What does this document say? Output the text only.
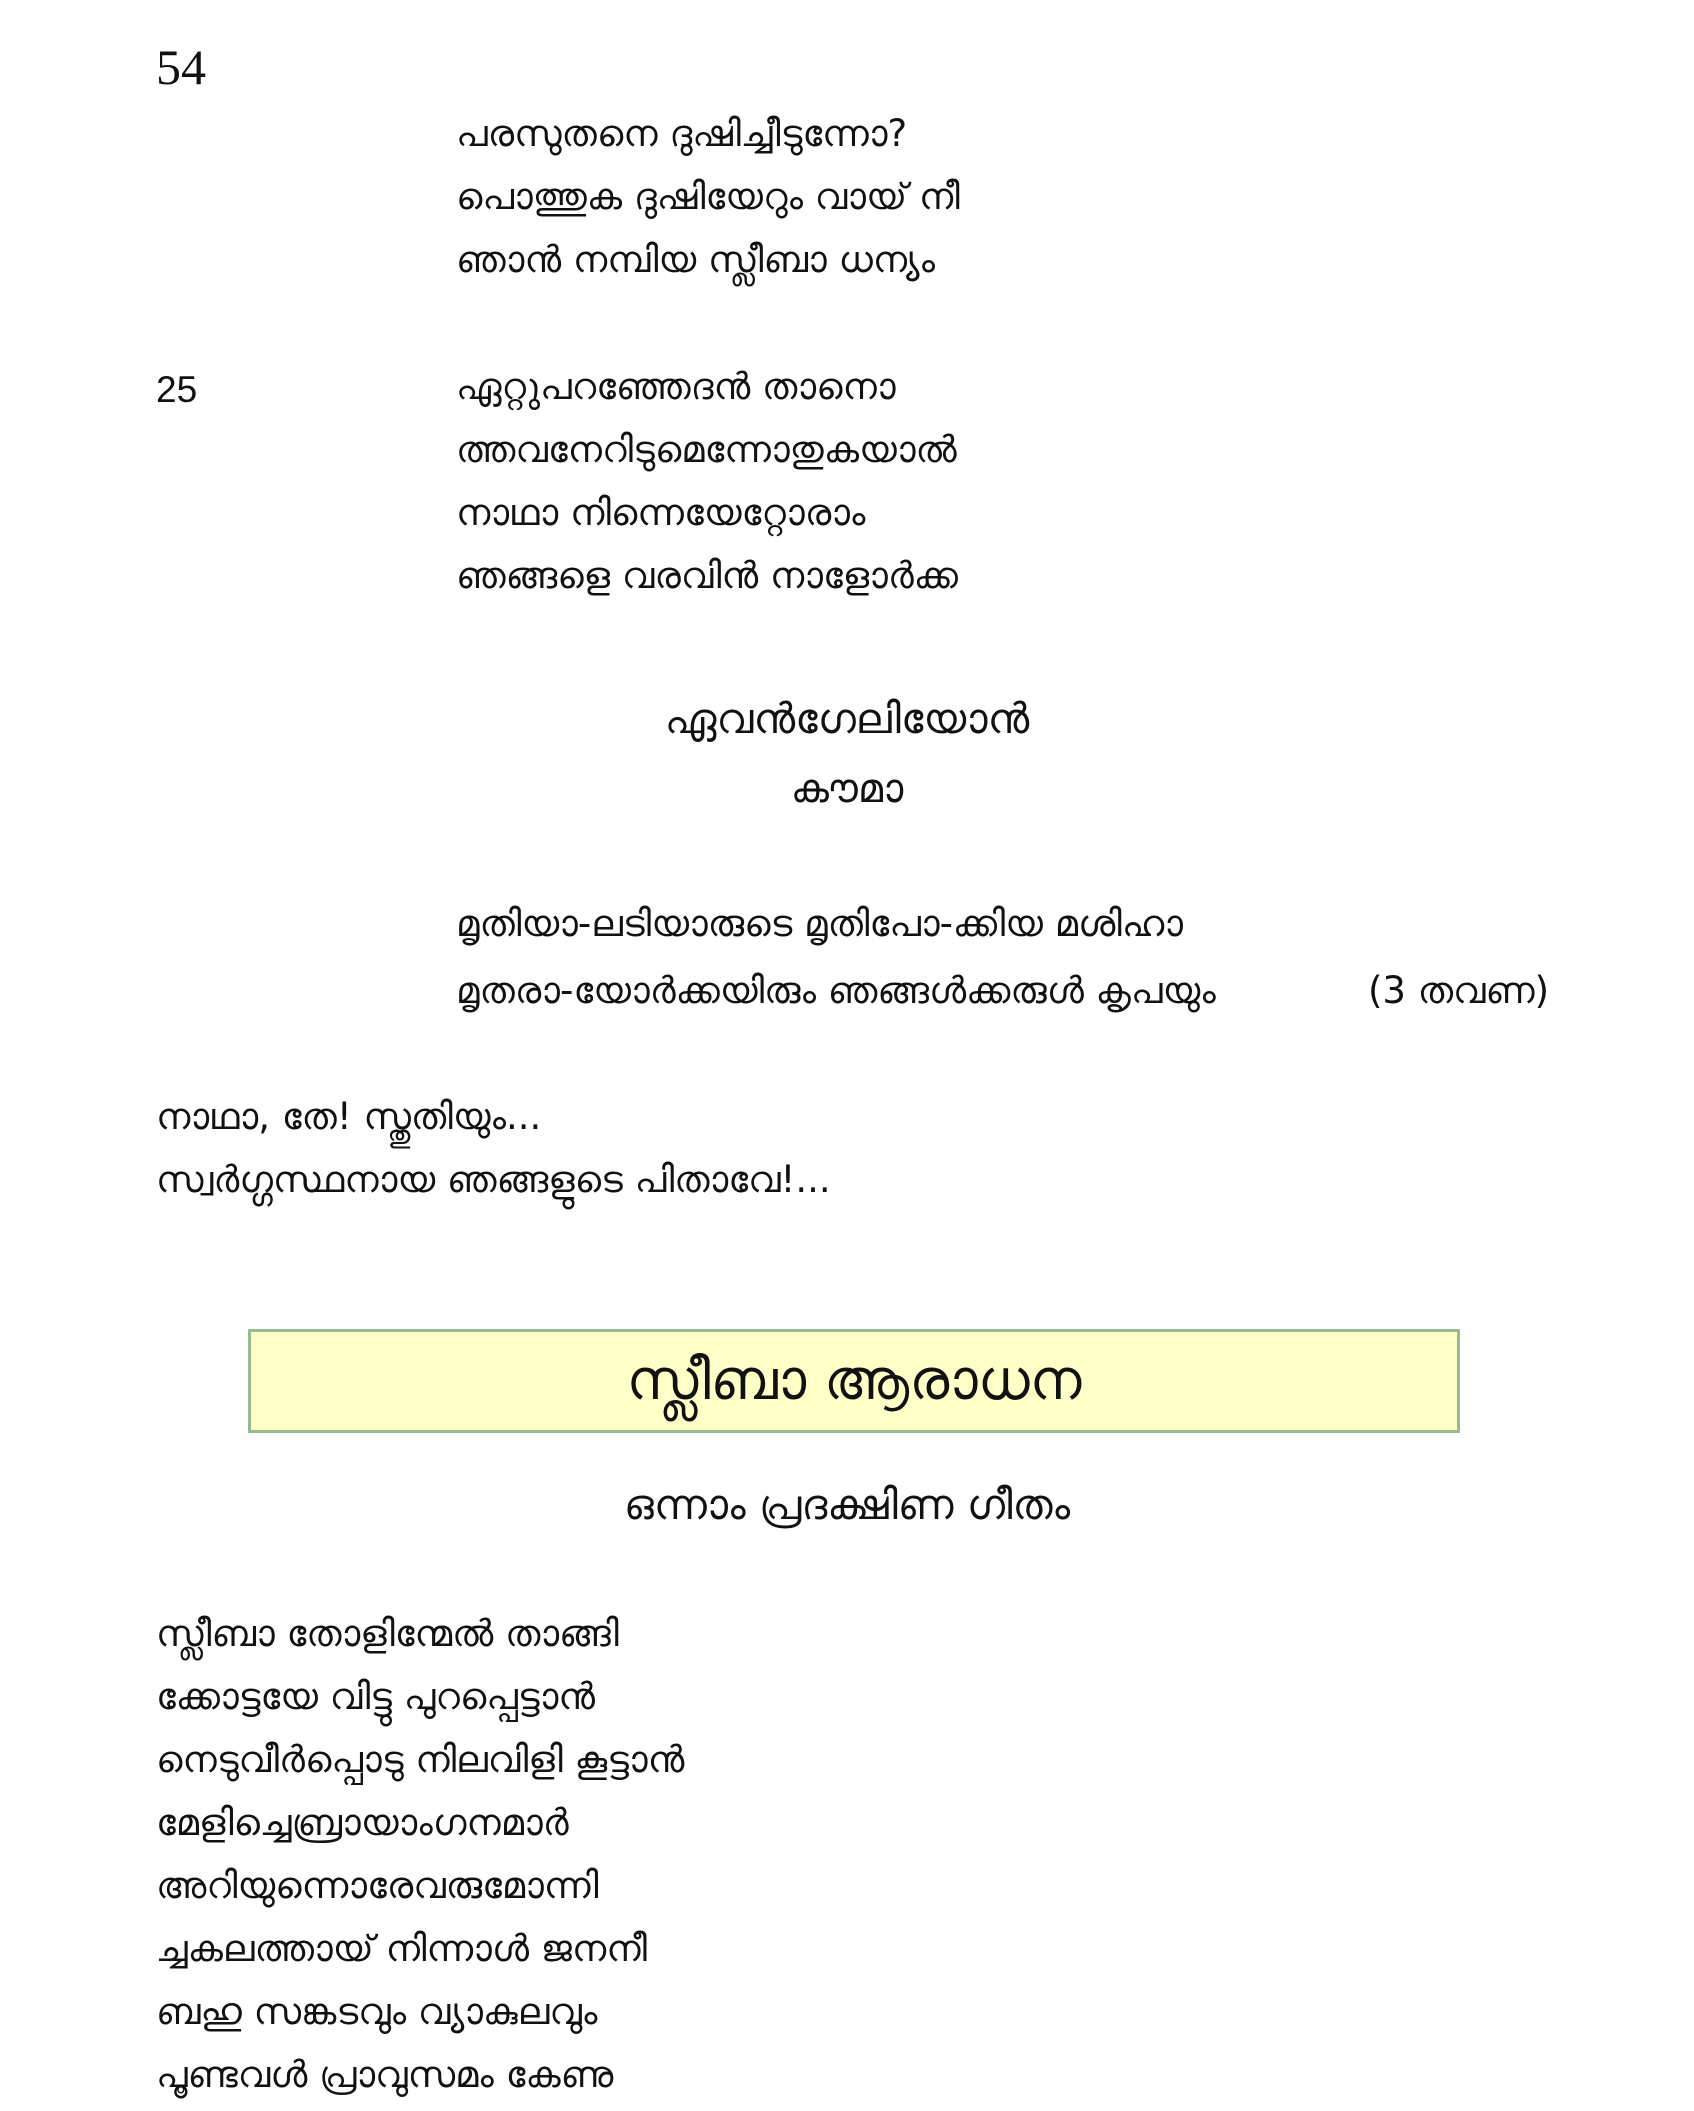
54
പരസുതനെ ദുഷിച്ചീടുന്നോ?
പൊത്തുക ദുഷിയേറും വായ് നീ
ഞാൻ നമ്പിയ സ്ലീബാ ധന്യം
25	ഏറ്റുപറഞ്ഞേദൻ താനൊ
ത്തവനേറിടുമെന്നോതുകയാൽ
നാഥാ നിന്നെയേറ്റോരാം
ഞങ്ങളെ വരവിൻ നാളോർക്ക
ഏവൻഗേലിയോൻ
കൗമാ
മൃതിയാ-ലടിയാരുടെ മൃതിപോ-ക്കിയ മശിഹാ
മൃതരാ-യോർക്കയിരും ഞങ്ങൾക്കരുൾ കൃപയും	(3 തവണ)
നാഥാ, തേ! സ്തുതിയും...
സ്വർഗ്ഗസ്ഥനായ ഞങ്ങളുടെ പിതാവേ!...
സ്ലീബാ ആരാധന
ഒന്നാം പ്രദക്ഷിണ ഗീതം
സ്ലീബാ തോളിന്മേൽ താങ്ങി
ക്കോട്ടയേ വിട്ടു പുറപ്പെട്ടാൻ
നെടുവീർപ്പൊടു നിലവിളി കൂട്ടാൻ
മേളിച്ചെബ്രായാംഗനമാർ
അറിയുന്നൊരേവരുമോന്നി
ച്ചകലത്തായ് നിന്നാൾ ജനനീ
ബഹു സങ്കടവും വ്യാകുലവും
പൂണ്ടവൾ പ്രാവുസമം കേണു
